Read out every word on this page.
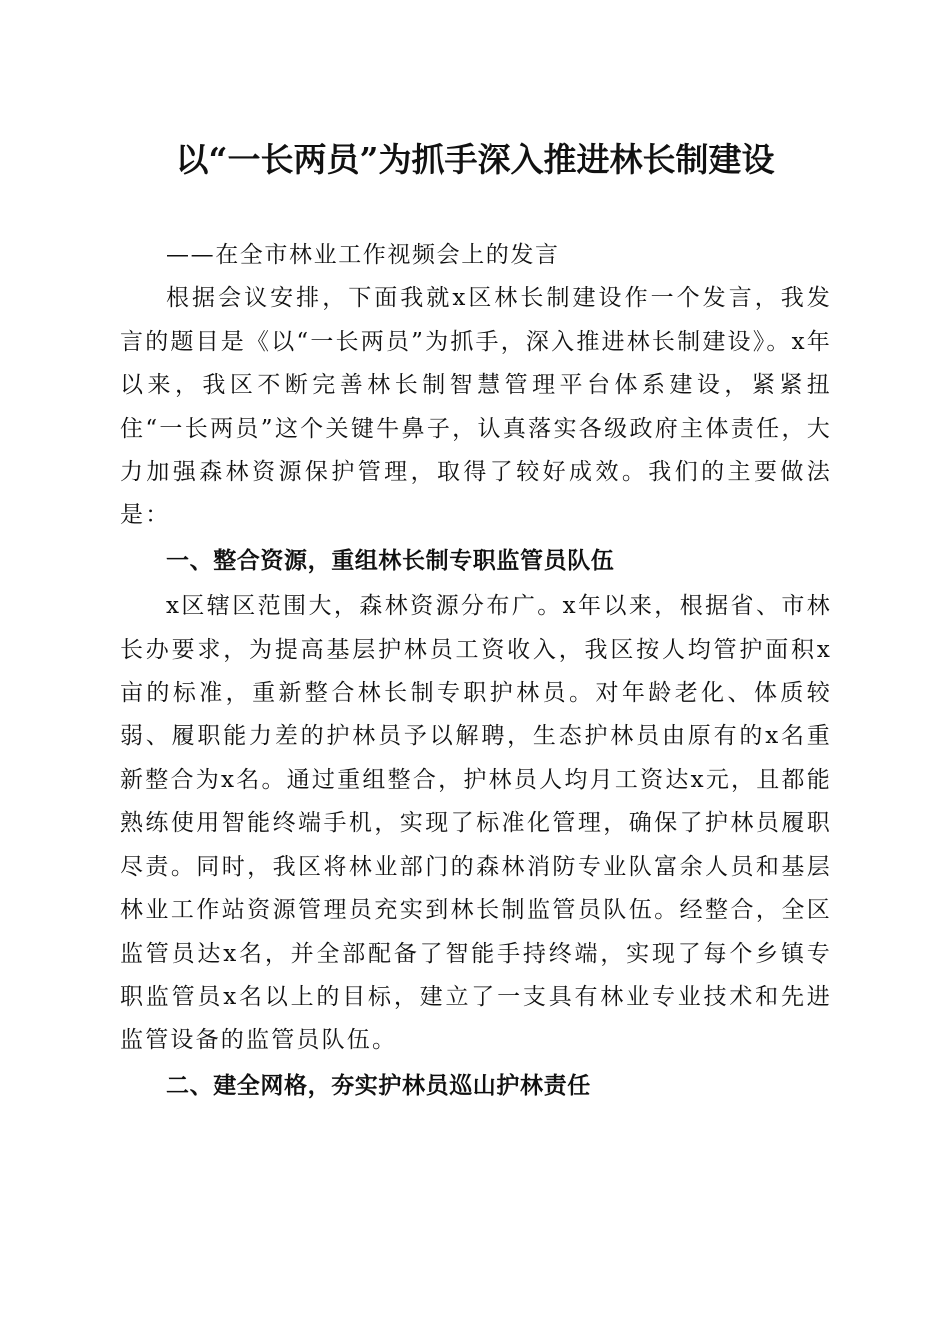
以“一长两员”为抓手深入推进林长制建设

——在全市林业工作视频会上的发言

根据会议安排，下面我就x区林长制建设作一个发言，我发言的题目是《以“一长两员”为抓手，深入推进林长制建设》。x年以来，我区不断完善林长制智慧管理平台体系建设，紧紧扭住“一长两员”这个关键牛鼻子，认真落实各级政府主体责任，大力加强森林资源保护管理，取得了较好成效。我们的主要做法是：

一、整合资源，重组林长制专职监管员队伍

x区辖区范围大，森林资源分布广。x年以来，根据省、市林长办要求，为提高基层护林员工资收入，我区按人均管护面积x亩的标准，重新整合林长制专职护林员。对年龄老化、体质较弱、履职能力差的护林员予以解聘，生态护林员由原有的x名重新整合为x名。通过重组整合，护林员人均月工资达x元，且都能熟练使用智能终端手机，实现了标准化管理，确保了护林员履职尽责。同时，我区将林业部门的森林消防专业队富余人员和基层林业工作站资源管理员充实到林长制监管员队伍。经整合，全区监管员达x名，并全部配备了智能手持终端，实现了每个乡镇专职监管员x名以上的目标，建立了一支具有林业专业技术和先进监管设备的监管员队伍。

二、建全网格，夯实护林员巡山护林责任
